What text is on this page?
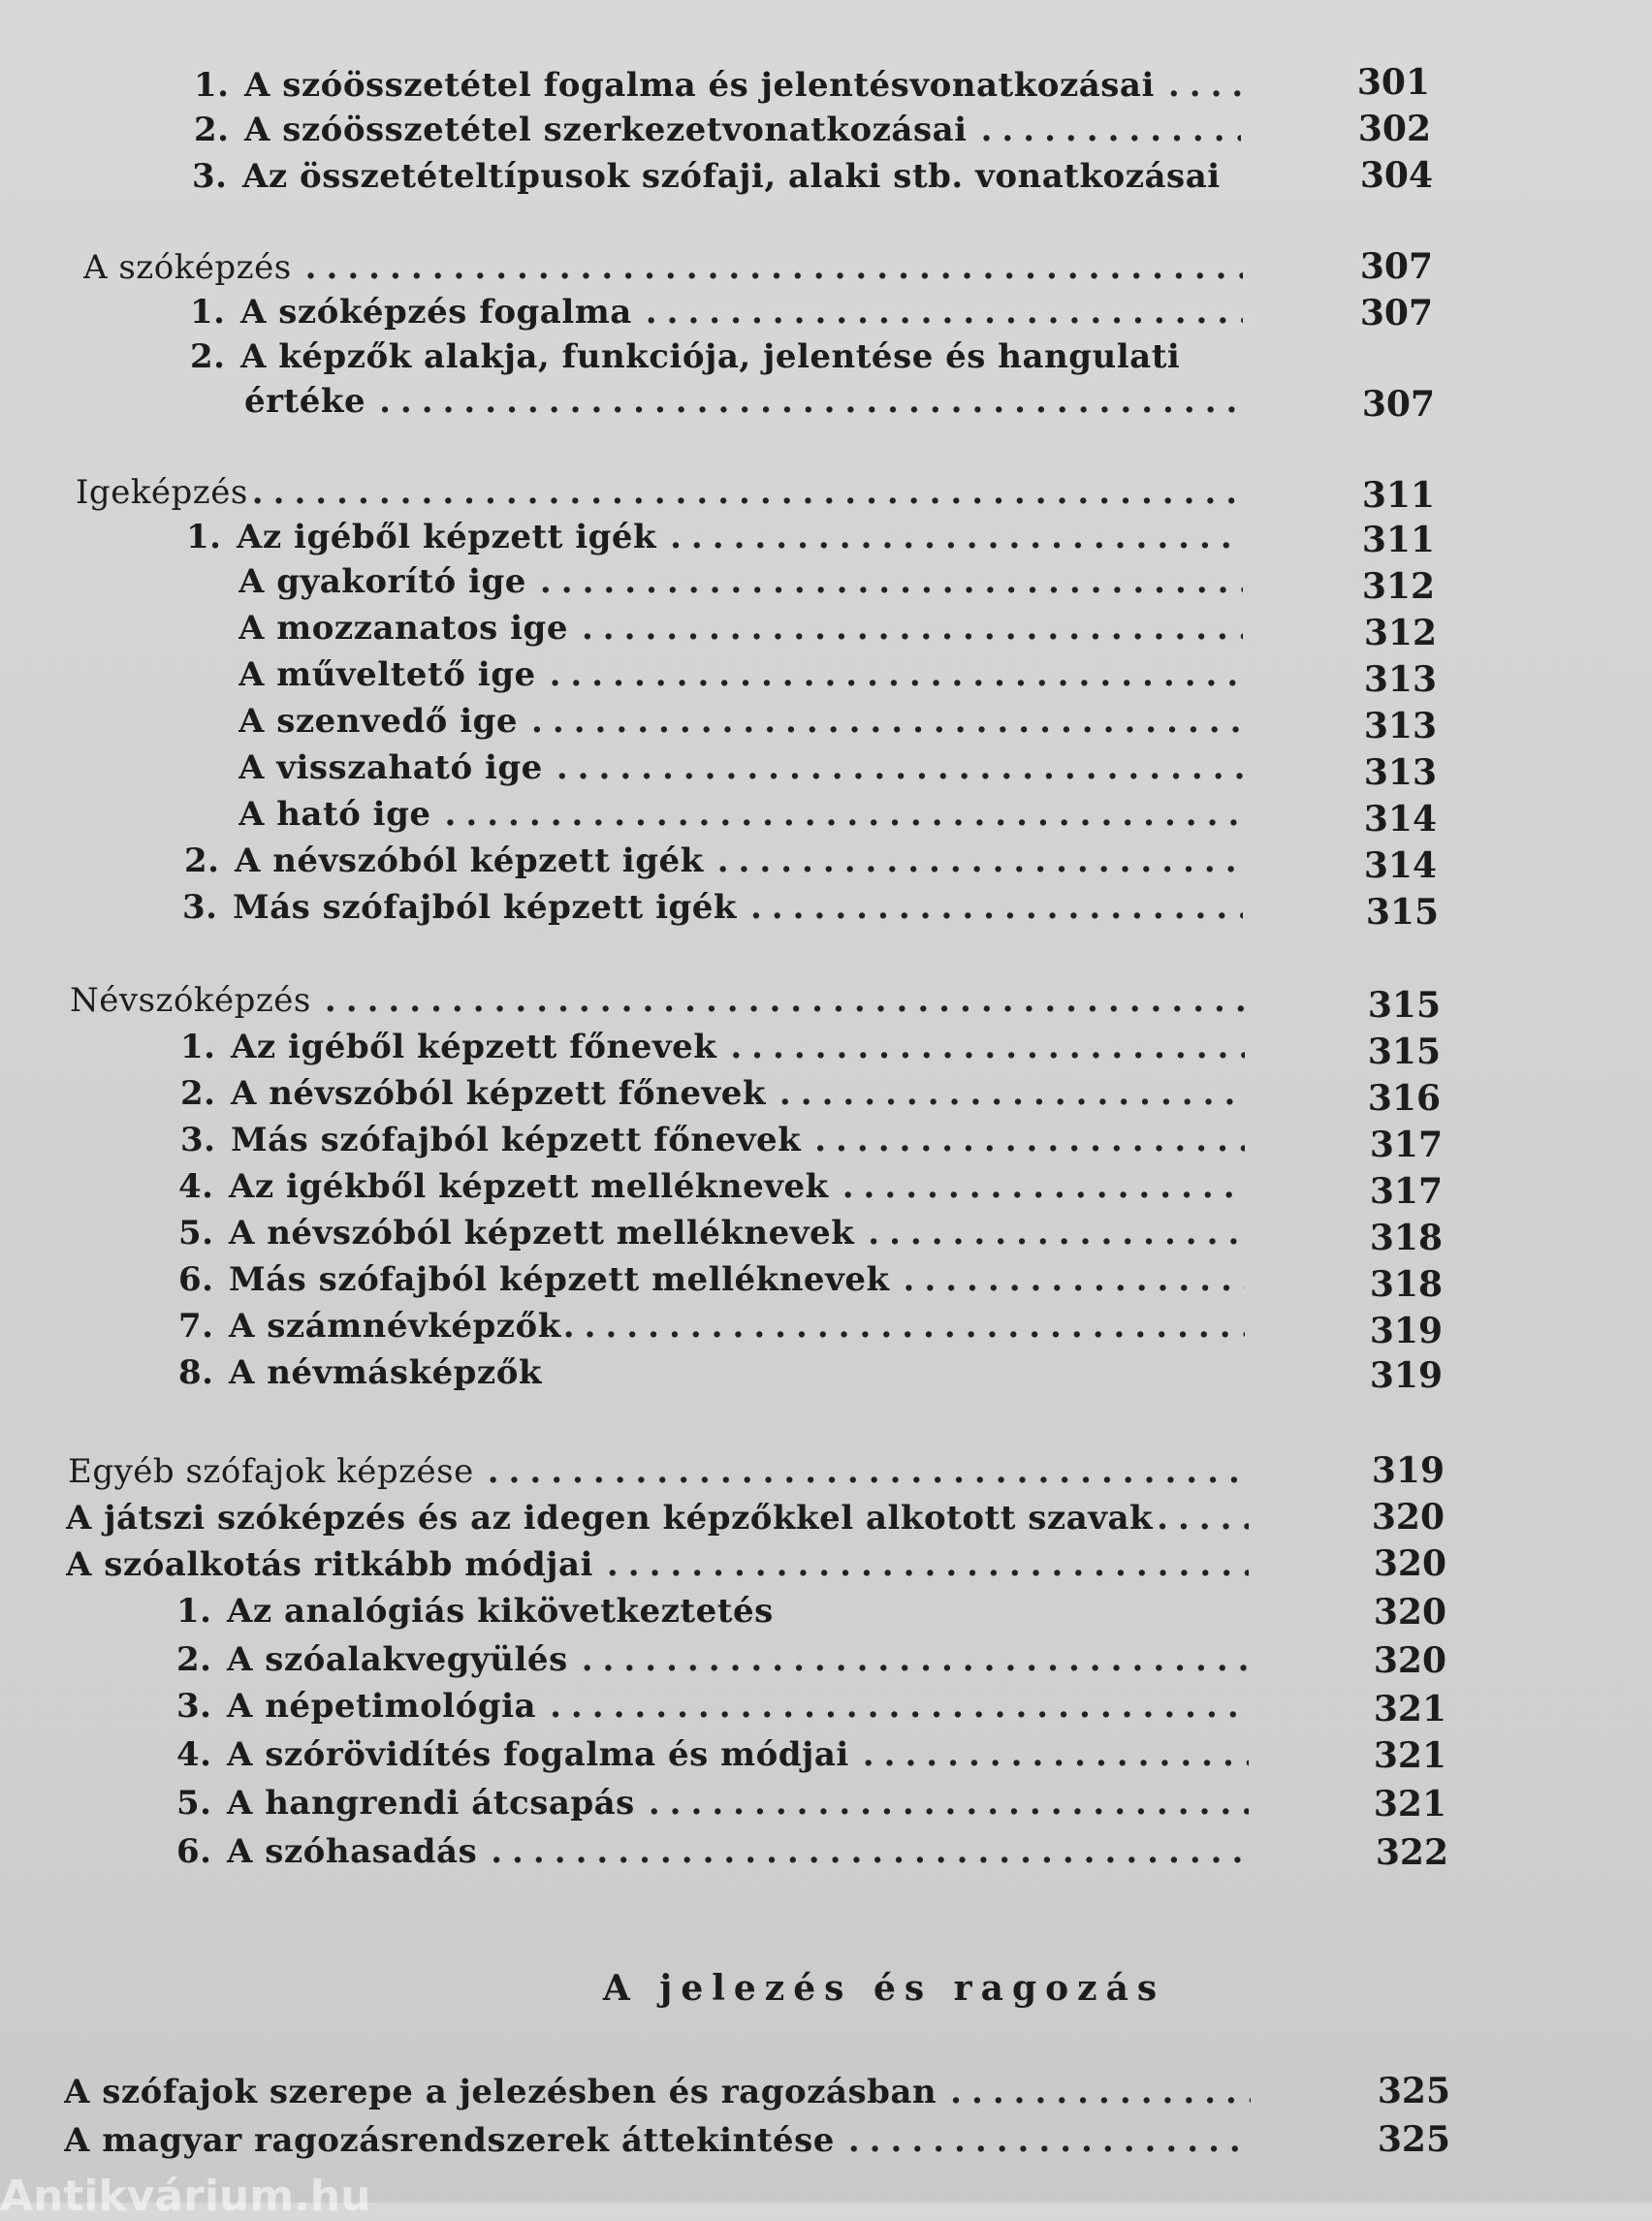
1. A szóösszetétel fogalma és jelentésvonatkozásai .....	301
2. A szóösszetétel szerkezetvonatkozásai .....	302
3. Az összetételtípusok szófaji, alaki stb. vonatkozásai	304
A szóképzés .....	307
1. A szóképzés fogalma .....	307
2. A képzők alakja, funkciója, jelentése és hangulati
értéke .....	307
Igeképzés .....	311
1. Az igéből képzett igék .....	311
A gyakorító ige .....	312
A mozzanatos ige .....	312
A műveltető ige .....	313
A szenvedő ige .....	313
A visszaható ige .....	313
A ható ige .....	314
2. A névszóból képzett igék .....	314
3. Más szófajból képzett igék .....	315
Névszóképzés .....	315
1. Az igéből képzett főnevek .....	315
2. A névszóból képzett főnevek .....	316
3. Más szófajból képzett főnevek .....	317
4. Az igékből képzett melléknevek .....	317
5. A névszóból képzett melléknevek .....	318
6. Más szófajból képzett melléknevek .....	318
7. A számnévképzők .....	319
8. A névmásképzők	319
Egyéb szófajok képzése .....	319
A játszi szóképzés és az idegen képzőkkel alkotott szavak .....	320
A szóalkotás ritkább módjai .....	320
1. Az analógiás kikövetkeztetés	320
2. A szóalakvegyülés .....	320
3. A népetimológia .....	321
4. A szórövidítés fogalma és módjai .....	321
5. A hangrendi átcsapás .....	321
6. A szóhasadás .....	322
A jelezés és ragozás
A szófajok szerepe a jelezésben és ragozásban .....	325
A magyar ragozásrendszerek áttekintése .....	325
Antikvárium.hu
